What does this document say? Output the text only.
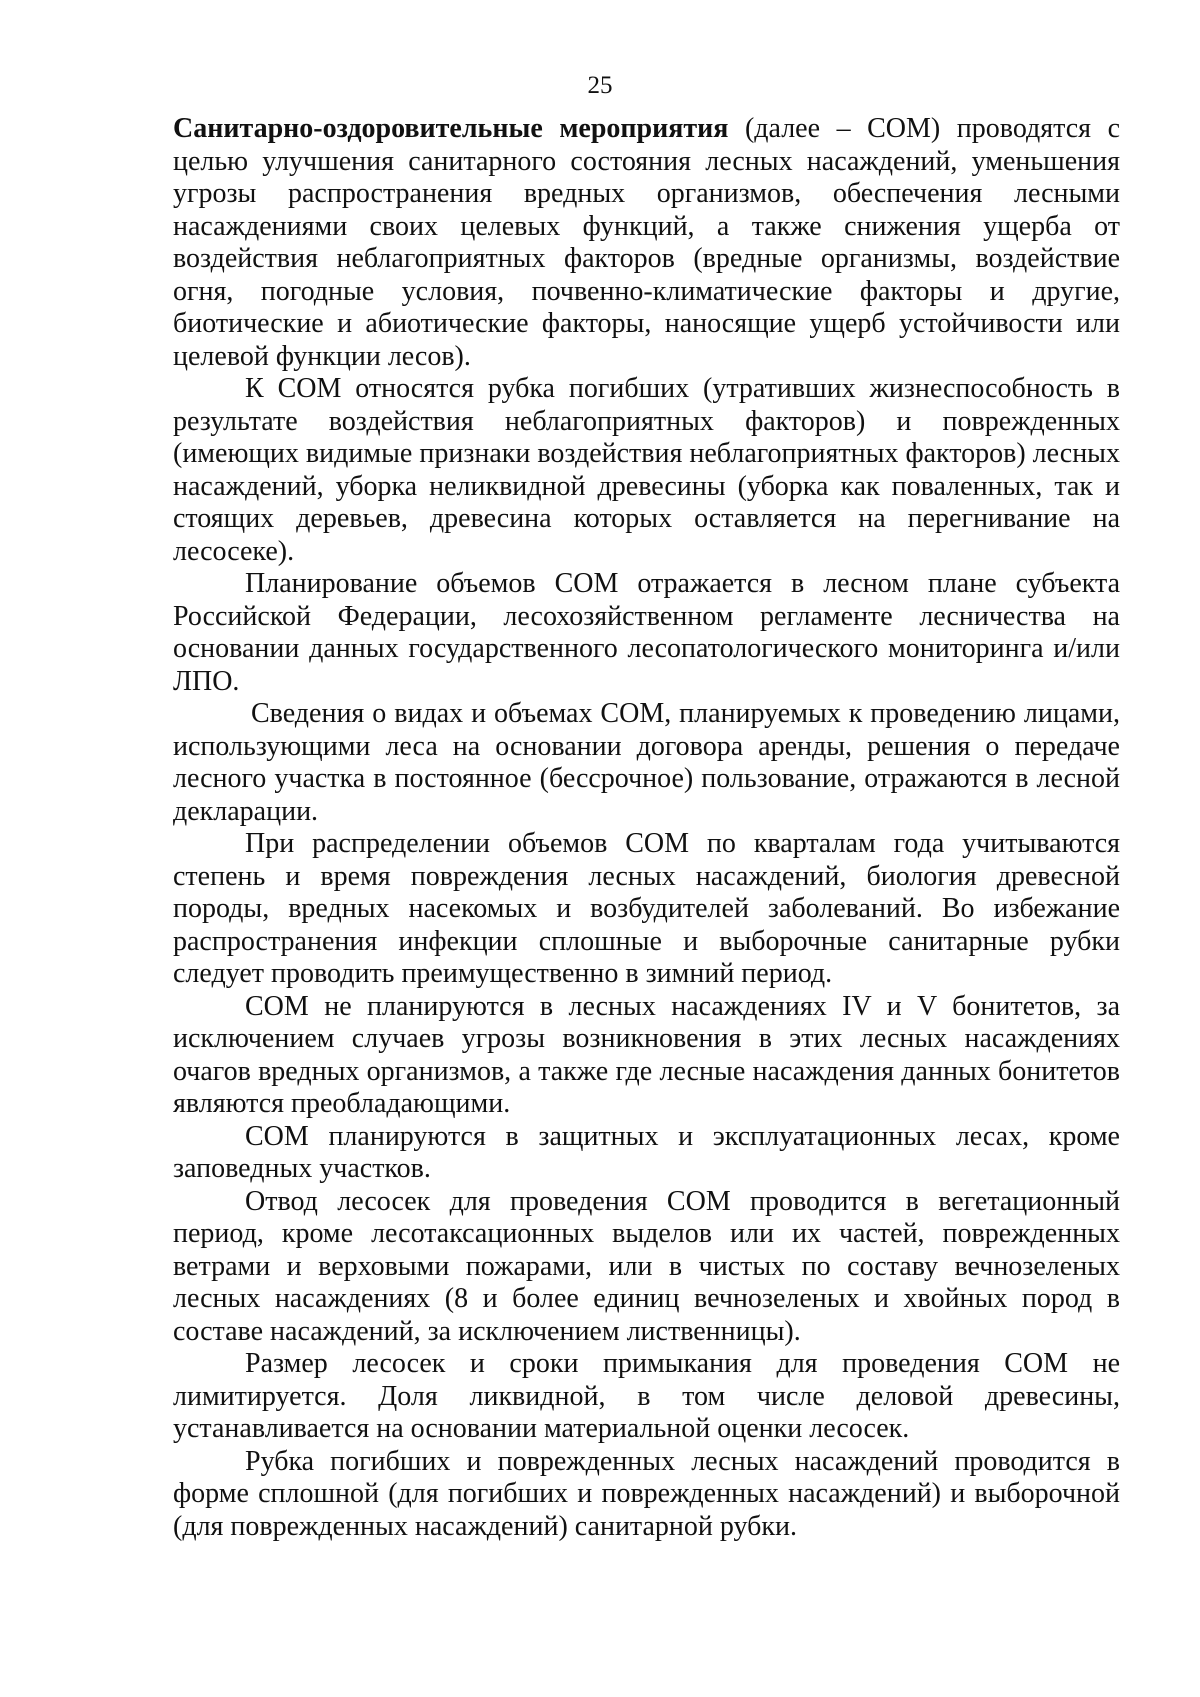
25

Санитарно-оздоровительные мероприятия (далее – СОМ) проводятся с целью улучшения санитарного состояния лесных насаждений, уменьшения угрозы распространения вредных организмов, обеспечения лесными насаждениями своих целевых функций, а также снижения ущерба от воздействия неблагоприятных факторов (вредные организмы, воздействие огня, погодные условия, почвенно-климатические факторы и другие, биотические и абиотические факторы, наносящие ущерб устойчивости или целевой функции лесов).

К СОМ относятся рубка погибших (утративших жизнеспособность в результате воздействия неблагоприятных факторов) и поврежденных (имеющих видимые признаки воздействия неблагоприятных факторов) лесных насаждений, уборка неликвидной древесины (уборка как поваленных, так и стоящих деревьев, древесина которых оставляется на перегнивание на лесосеке).

Планирование объемов СОМ отражается в лесном плане субъекта Российской Федерации, лесохозяйственном регламенте лесничества на основании данных государственного лесопатологического мониторинга и/или ЛПО.

Сведения о видах и объемах СОМ, планируемых к проведению лицами, использующими леса на основании договора аренды, решения о передаче лесного участка в постоянное (бессрочное) пользование, отражаются в лесной декларации.

При распределении объемов СОМ по кварталам года учитываются степень и время повреждения лесных насаждений, биология древесной породы, вредных насекомых и возбудителей заболеваний. Во избежание распространения инфекции сплошные и выборочные санитарные рубки следует проводить преимущественно в зимний период.

СОМ не планируются в лесных насаждениях IV и V бонитетов, за исключением случаев угрозы возникновения в этих лесных насаждениях очагов вредных организмов, а также где лесные насаждения данных бонитетов являются преобладающими.

СОМ планируются в защитных и эксплуатационных лесах, кроме заповедных участков.

Отвод лесосек для проведения СОМ проводится в вегетационный период, кроме лесотаксационных выделов или их частей, поврежденных ветрами и верховыми пожарами, или в чистых по составу вечнозеленых лесных насаждениях (8 и более единиц вечнозеленых и хвойных пород в составе насаждений, за исключением лиственницы).

Размер лесосек и сроки примыкания для проведения СОМ не лимитируется. Доля ликвидной, в том числе деловой древесины, устанавливается на основании материальной оценки лесосек.

Рубка погибших и поврежденных лесных насаждений проводится в форме сплошной (для погибших и поврежденных насаждений) и выборочной (для поврежденных насаждений) санитарной рубки.
